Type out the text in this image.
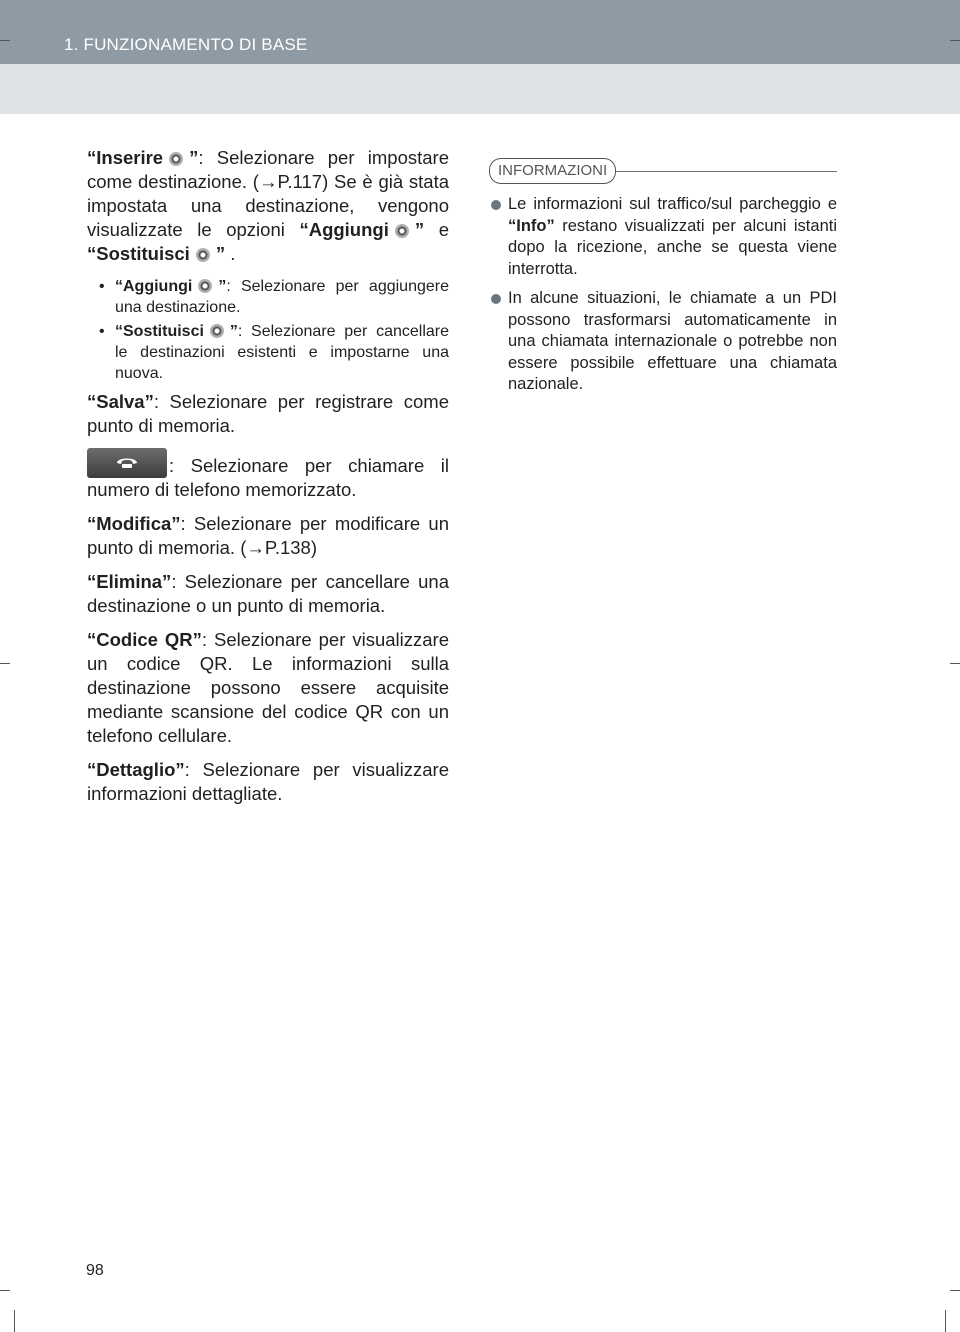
1. FUNZIONAMENTO DI BASE

“Inserire ”: Selezionare per impostare come destinazione. (→P.117) Se è già stata impostata una destinazione, vengono visualizzate le opzioni “Aggiungi ” e “Sostituisci ” .

• “Aggiungi ”: Selezionare per aggiungere una destinazione.
• “Sostituisci ”: Selezionare per cancellare le destinazioni esistenti e impostarne una nuova.

“Salva”: Selezionare per registrare come punto di memoria.

: Selezionare per chiamare il numero di telefono memorizzato.

“Modifica”: Selezionare per modificare un punto di memoria. (→P.138)

“Elimina”: Selezionare per cancellare una destinazione o un punto di memoria.

“Codice QR”: Selezionare per visualizzare un codice QR. Le informazioni sulla destinazione possono essere acquisite mediante scansione del codice QR con un telefono cellulare.

“Dettaglio”: Selezionare per visualizzare informazioni dettagliate.

INFORMAZIONI
Le informazioni sul traffico/sul parcheggio e “Info” restano visualizzati per alcuni istanti dopo la ricezione, anche se questa viene interrotta.
In alcune situazioni, le chiamate a un PDI possono trasformarsi automaticamente in una chiamata internazionale o potrebbe non essere possibile effettuare una chiamata nazionale.
98
